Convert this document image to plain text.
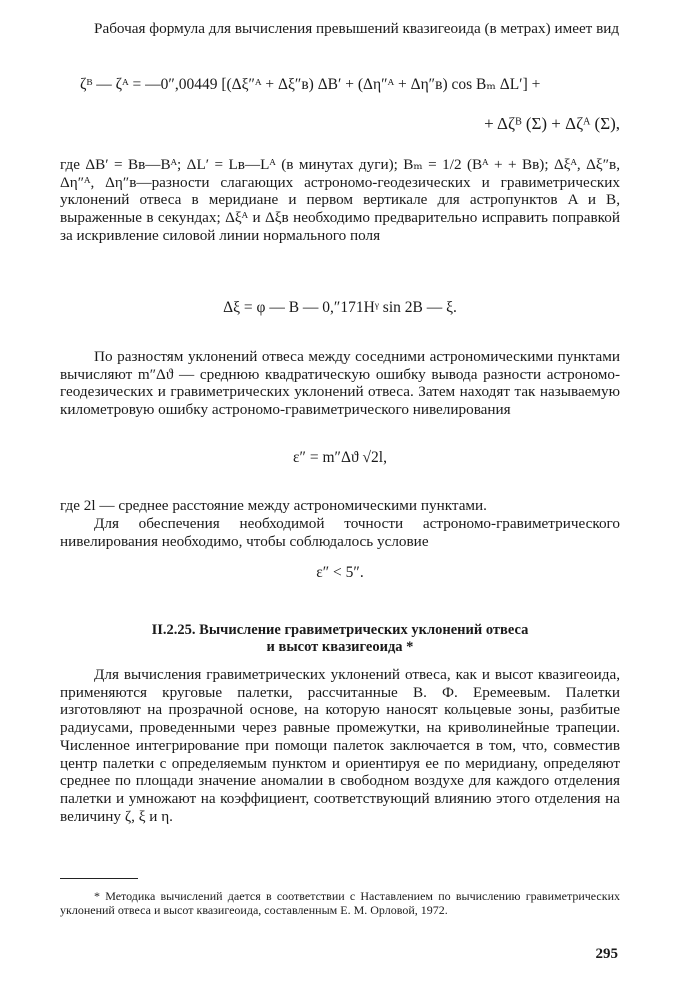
Рабочая формула для вычисления превышений квазигеоида (в метрах) имеет вид
ζᴮ — ζᴬ = —0″,00449 [(Δξ″ᴬ + Δξ″ʙ) ΔB′ + (Δη″ᴬ + Δη″ʙ) cos Bₘ ΔL′] +
+ Δζᴮ (Σ) + Δζᴬ (Σ),
где ΔB′ = Bʙ—Bᴬ; ΔL′ = Lʙ—Lᴬ (в минутах дуги); Bₘ = 1/2 (Bᴬ + + Bʙ); Δξᴬ, Δξ″ʙ, Δη″ᴬ, Δη″ʙ—разности слагающих астрономо-геодезических и гравиметрических уклонений отвеса в меридиане и первом вертикале для астропунктов A и B, выраженные в секундах; Δξᴬ и Δξʙ необходимо предварительно исправить поправкой за искривление силовой линии нормального поля
Δξ = φ — B — 0,″171Hᵞ sin 2B — ξ.
По разностям уклонений отвеса между соседними астрономическими пунктами вычисляют m″Δϑ — среднюю квадратическую ошибку вывода разности астрономо-геодезических и гравиметрических уклонений отвеса. Затем находят так называемую километровую ошибку астрономо-гравиметрического нивелирования
ε″ = m″Δϑ √2l,
где 2l — среднее расстояние между астрономическими пунктами.
Для обеспечения необходимой точности астрономо-гравиметрического нивелирования необходимо, чтобы соблюдалось условие
ε″ < 5″.
II.2.25. Вычисление гравиметрических уклонений отвеса
и высот квазигеоида *
Для вычисления гравиметрических уклонений отвеса, как и высот квазигеоида, применяются круговые палетки, рассчитанные В. Ф. Еремеевым. Палетки изготовляют на прозрачной основе, на которую наносят кольцевые зоны, разбитые радиусами, проведенными через равные промежутки, на криволинейные трапеции. Численное интегрирование при помощи палеток заключается в том, что, совместив центр палетки с определяемым пунктом и ориентируя ее по меридиану, определяют среднее по площади значение аномалии в свободном воздухе для каждого отделения палетки и умножают на коэффициент, соответствующий влиянию этого отделения на величину ζ, ξ и η.
* Методика вычислений дается в соответствии с Наставлением по вычислению гравиметрических уклонений отвеса и высот квазигеоида, составленным Е. М. Орловой, 1972.
295
